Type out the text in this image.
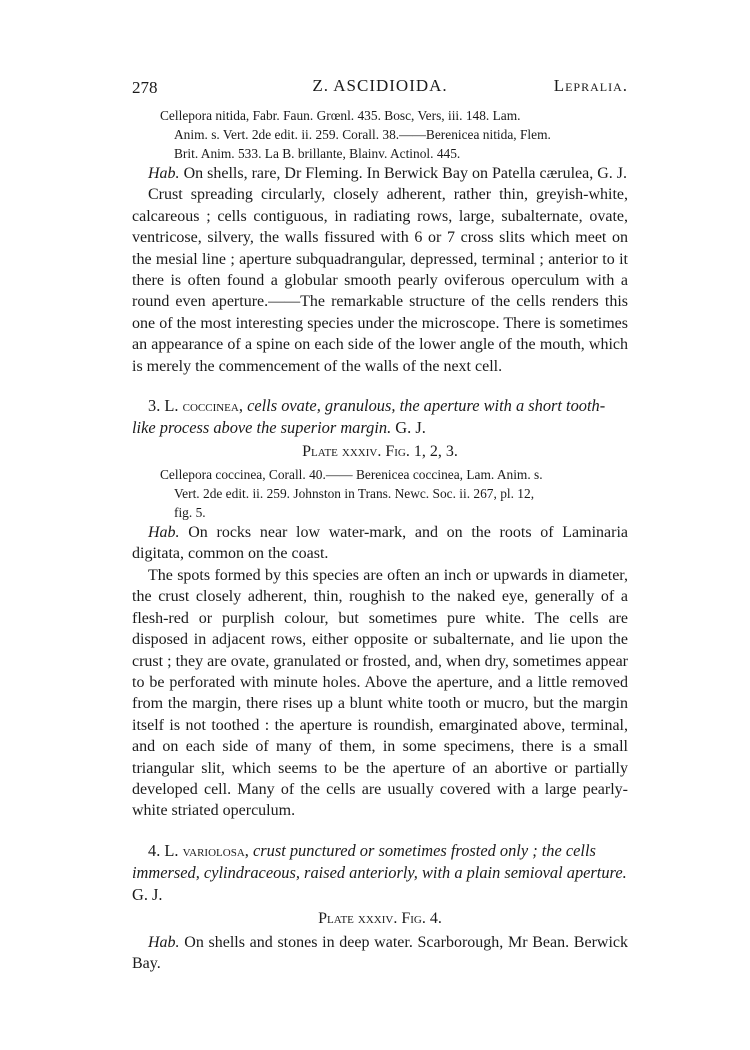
278	Z. ASCIDIOIDA.	Lepralia.
Cellepora nitida, Fabr. Faun. Grœnl. 435. Bosc, Vers, iii. 148. Lam.
Anim. s. Vert. 2de edit. ii. 259. Corall. 38.——Berenicea nitida, Flem.
Brit. Anim. 533. La B. brillante, Blainv. Actinol. 445.

Hab. On shells, rare, Dr Fleming. In Berwick Bay on Patella cærulea, G. J.

Crust spreading circularly, closely adherent, rather thin, greyish-white, calcareous ; cells contiguous, in radiating rows, large, subalternate, ovate, ventricose, silvery, the walls fissured with 6 or 7 cross slits which meet on the mesial line ; aperture subquadrangular, depressed, terminal ; anterior to it there is often found a globular smooth pearly oviferous operculum with a round even aperture.——The remarkable structure of the cells renders this one of the most interesting species under the microscope. There is sometimes an appearance of a spine on each side of the lower angle of the mouth, which is merely the commencement of the walls of the next cell.

3. L. coccinea, cells ovate, granulous, the aperture with a short tooth-like process above the superior margin. G. J.

Plate xxxiv. Fig. 1, 2, 3.
Cellepora coccinea, Corall. 40.—— Berenicea coccinea, Lam. Anim. s.
Vert. 2de edit. ii. 259. Johnston in Trans. Newc. Soc. ii. 267, pl. 12,
fig. 5.

Hab. On rocks near low water-mark, and on the roots of Laminaria digitata, common on the coast.

The spots formed by this species are often an inch or upwards in diameter, the crust closely adherent, thin, roughish to the naked eye, generally of a flesh-red or purplish colour, but sometimes pure white. The cells are disposed in adjacent rows, either opposite or subalternate, and lie upon the crust ; they are ovate, granulated or frosted, and, when dry, sometimes appear to be perforated with minute holes. Above the aperture, and a little removed from the margin, there rises up a blunt white tooth or mucro, but the margin itself is not toothed : the aperture is roundish, emarginated above, terminal, and on each side of many of them, in some specimens, there is a small triangular slit, which seems to be the aperture of an abortive or partially developed cell. Many of the cells are usually covered with a large pearly-white striated operculum.

4. L. variolosa, crust punctured or sometimes frosted only ; the cells immersed, cylindraceous, raised anteriorly, with a plain semioval aperture. G. J.

Plate xxxiv. Fig. 4.

Hab. On shells and stones in deep water. Scarborough, Mr Bean. Berwick Bay.
